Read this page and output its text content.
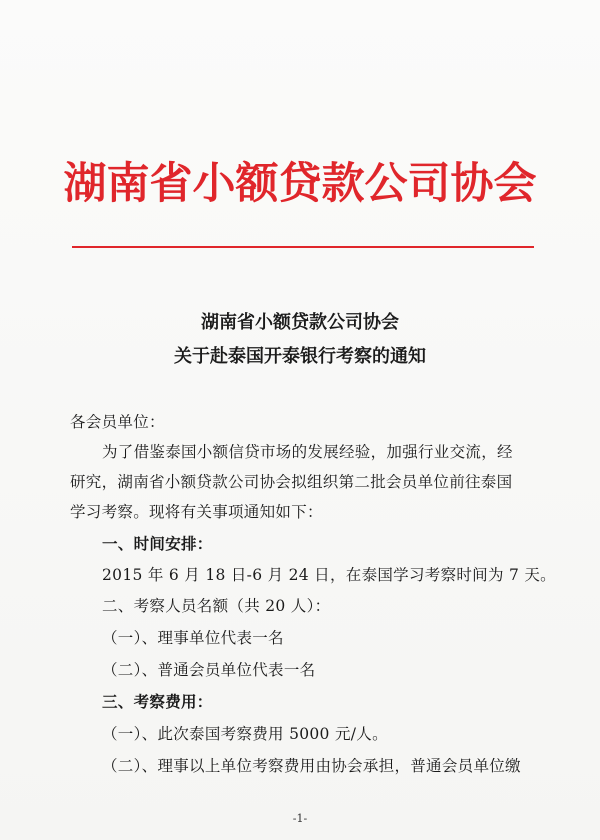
湖南省小额贷款公司协会
湖南省小额贷款公司协会
关于赴泰国开泰银行考察的通知
各会员单位：
为了借鉴泰国小额信贷市场的发展经验，加强行业交流，经
研究，湖南省小额贷款公司协会拟组织第二批会员单位前往泰国
学习考察。现将有关事项通知如下：
一、时间安排：
2015 年 6 月 18 日-6 月 24 日，在泰国学习考察时间为 7 天。
二、考察人员名额（共 20 人）：
（一）、理事单位代表一名
（二）、普通会员单位代表一名
三、考察费用：
（一）、此次泰国考察费用 5000 元/人。
（二）、理事以上单位考察费用由协会承担，普通会员单位缴
-1-
